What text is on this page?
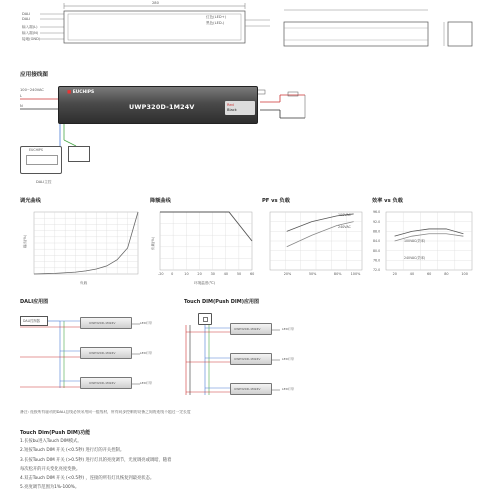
DALI
DALI
输入端(L)
输入端(N)
接地(GND)
280
红色(LED+)
黑色(LED-)
应用接线图
100~240VAC
L
N
■ EUCHIPS
UWP320D-1M24V	Red
Black
EUCHIPS
DALI主控
调光曲线	降额曲线	PF vs 负载	效率 vs 负载
输出(%)
负载
-20 0	10	20	30	40	50	60
负载(%)
环境温度(℃)
100VAC
240VAC
20%	50%	80%	100%
100VAC(效率)
240VAC(效率)
96.0
92.0
88.0
84.0
80.0
76.0
72.0
20	40	60	80	100
DALI应用图
DALI控制器	UWP320D-1M24V
UWP320D-1M24V
UWP320D-1M24V
LED灯带
LED灯带
LED灯带
Touch DIM(Push DIM)应用图
UWP320D-1M24V
UWP320D-1M24V
UWP320D-1M24V
LED灯带
LED灯带
LED灯带
备注: 连接所有驱动的DALI总线必须采用同一组线材，所有同步控制的设备之间的连线不超过一定长度
Touch Dim(Push DIM)功能
1.长按bu进入Touch DIM模式。
2.短按Touch DIM 开关 (<0.5秒) 进行灯的开关控制。
3.长按Touch DIM 开关 (>0.5秒) 进行灯具的亮度调节，光度调亮或调暗，随着
每次松开的开关变化亮度变换。
4.双击Touch DIM 开关 (<0.5秒) ，连接的所有灯具恢复到最亮状态。
5.亮度调节范围为1%-100%。
